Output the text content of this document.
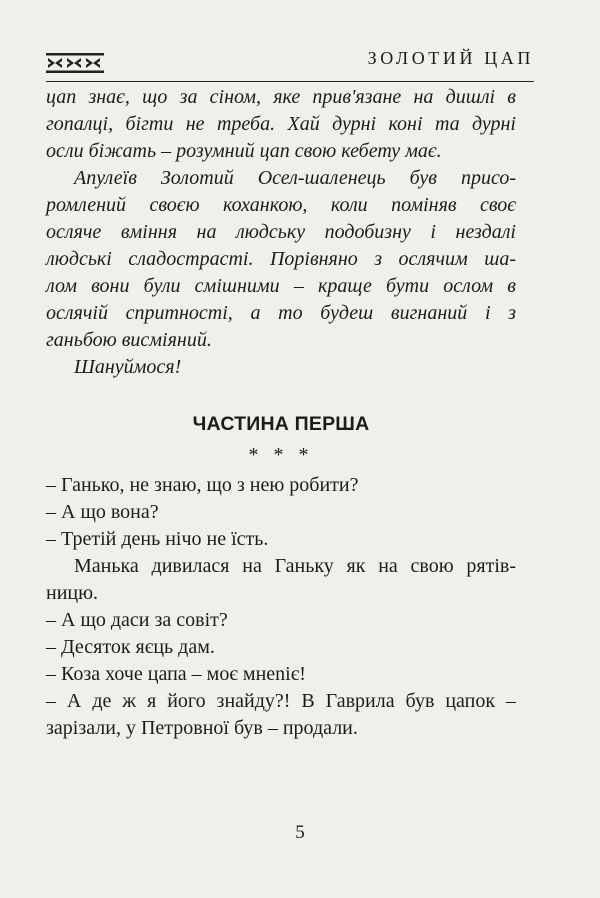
ЗОЛОТИЙ ЦАП
цап знає, що за сіном, яке прив'язане на дишлі в
гопалці, бігти не треба. Хай дурні коні та дурні
осли біжать – розумний цап свою кебету має.
Апулеїв Золотий Осел-шаленець був присо-
ромлений своєю коханкою, коли поміняв своє
ослячe вміння на людську подобизну і нездалі
людські сладострасті. Порівняно з ослячим ша-
лом вони були смішними – краще бути ослом в
ослячій спритності, а то будеш вигнаний і з
ганьбою висміяний.
Шануймося!
ЧАСТИНА ПЕРША
* * *
– Ганько, не знаю, що з нею робити?
– А що вона?
– Третій день нічо не їсть.
Манька дивилася на Ганьку як на свою рятів-
ницю.
– А що даси за совіт?
– Десяток яєць дам.
– Коза хоче цапа – моє мнеnіє!
– А де ж я його знайду?! В Гаврила був цапок –
зарізали, у Петровної був – продали.
5
